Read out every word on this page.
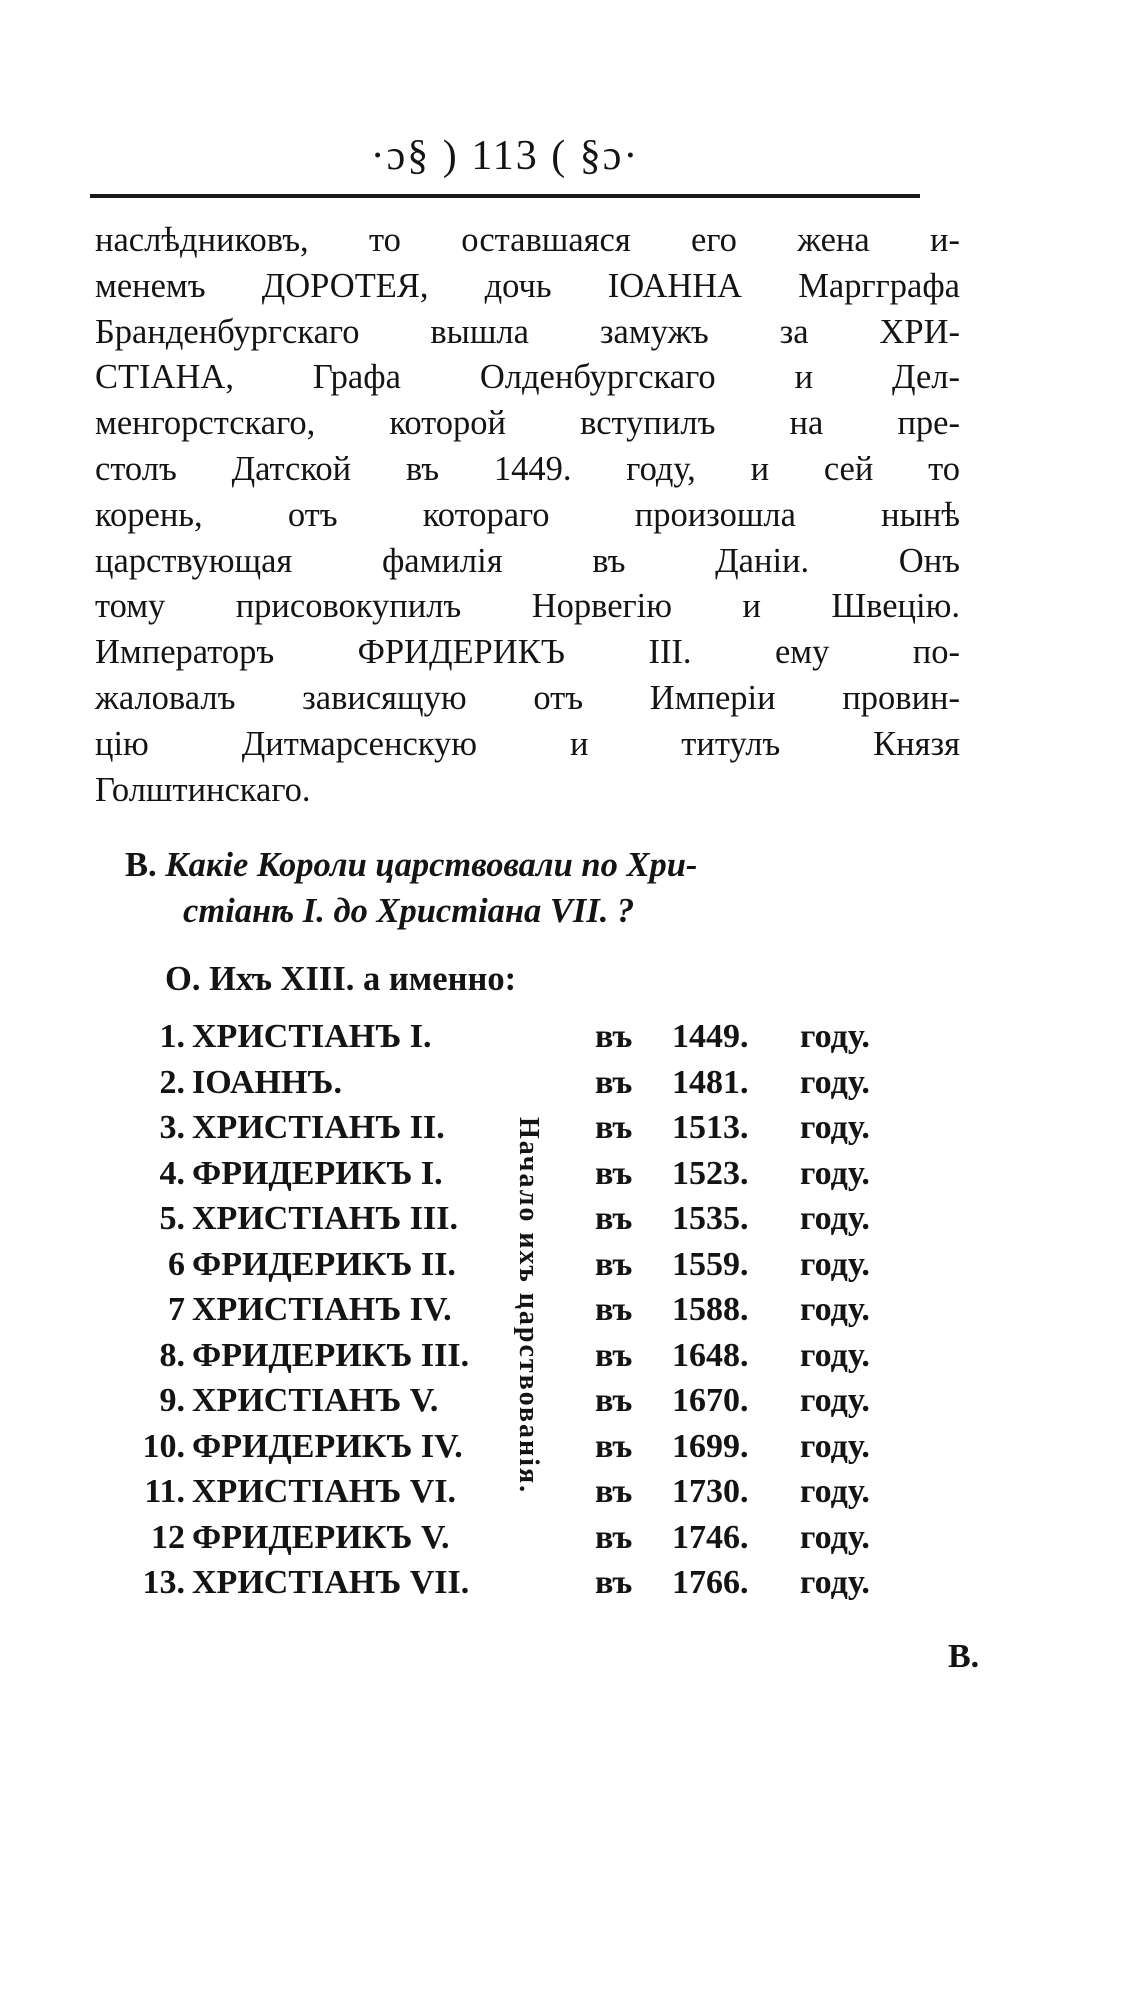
·ɔ§ ) 113 ( §ɔ·
наслѣдниковъ, то оставшаяся его жена и-
менемъ ДОРОТЕЯ, дочь ІОАННА Маргграфа
Бранденбургскаго вышла замужъ за ХРИ-
СТІАНА, Графа Олденбургскаго и Дел-
менгорстскаго, которой вступилъ на пре-
столъ Датской въ 1449. году, и сей то
корень, отъ котораго произошла нынѣ
царствующая фамилія въ Даніи. Онъ
тому присовокупилъ Норвегію и Швецію.
Императоръ ФРИДЕРИКЪ III. ему по-
жаловалъ зависящую отъ Имперіи провин-
цію Дитмарсенскую и титулъ Князя
Голштинскаго.
В. Какіе Короли царствовали по Хри-
стіанѣ I. до Христіана VII. ?
О. Ихъ XIII. а именно:
1. ХРИСТІАНЪ I.	въ 1449. году.
2. ІОАННЪ.	въ 1481. году.
3. ХРИСТІАНЪ II.	въ 1513. году.
4. ФРИДЕРИКЪ I.	въ 1523. году.
5. ХРИСТІАНЪ III.	въ 1535. году.
6 ФРИДЕРИКЪ II.	въ 1559. году.
7 ХРИСТІАНЪ IV.	въ 1588. году.
8. ФРИДЕРИКЪ III.	въ 1648. году.
9. ХРИСТІАНЪ V.	въ 1670. году.
10. ФРИДЕРИКЪ IV.	въ 1699. году.
11. ХРИСТІАНЪ VI.	въ 1730. году.
12 ФРИДЕРИКЪ V.	въ 1746. году.
13. ХРИСТІАНЪ VII.	въ 1766. году.
Начало ихъ царствованія.
В.
